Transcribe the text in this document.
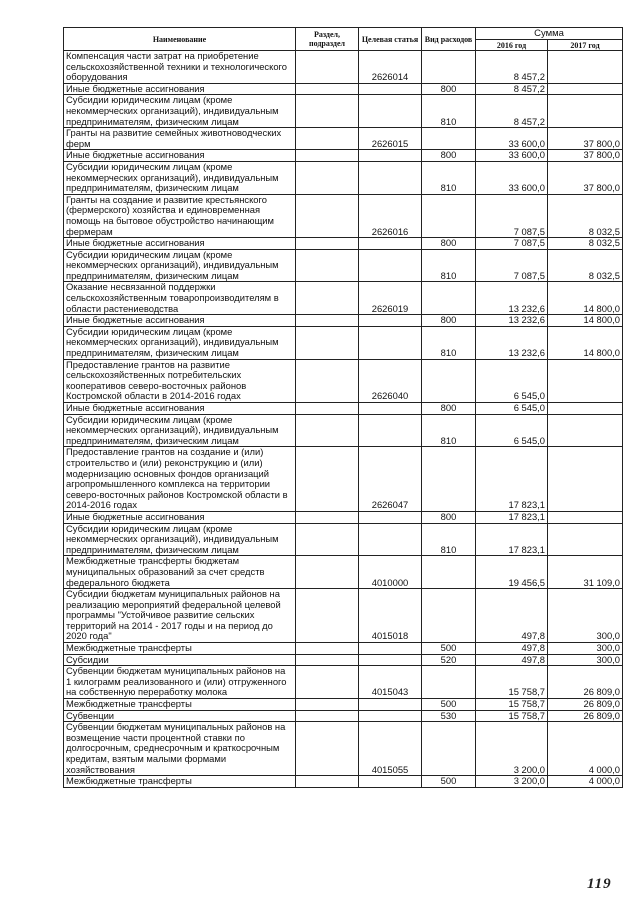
Наименование	Раздел, подраздел	Целевая статья	Вид расходов	Сумма	
				2016 год	2017 год
Компенсация части затрат на приобретение сельскохозяйственной техники и технологического оборудования		2626014		8 457,2	
Иные бюджетные ассигнования			800	8 457,2	
Субсидии юридическим лицам (кроме некоммерческих организаций), индивидуальным предпринимателям, физическим лицам			810	8 457,2	
Гранты на развитие семейных животноводческих ферм		2626015		33 600,0	37 800,0
Иные бюджетные ассигнования			800	33 600,0	37 800,0
Субсидии юридическим лицам (кроме некоммерческих организаций), индивидуальным предпринимателям, физическим лицам			810	33 600,0	37 800,0
Гранты на создание и развитие крестьянского (фермерского) хозяйства и единовременная помощь на бытовое обустройство начинающим фермерам		2626016		7 087,5	8 032,5
Иные бюджетные ассигнования			800	7 087,5	8 032,5
Субсидии юридическим лицам (кроме некоммерческих организаций), индивидуальным предпринимателям, физическим лицам			810	7 087,5	8 032,5
Оказание несвязанной поддержки сельскохозяйственным товаропроизводителям в области растениеводства		2626019		13 232,6	14 800,0
Иные бюджетные ассигнования			800	13 232,6	14 800,0
Субсидии юридическим лицам (кроме некоммерческих организаций), индивидуальным предпринимателям, физическим лицам			810	13 232,6	14 800,0
Предоставление грантов на развитие сельскохозяйственных потребительских кооперативов северо-восточных районов Костромской области в 2014-2016 годах		2626040		6 545,0	
Иные бюджетные ассигнования			800	6 545,0	
Субсидии юридическим лицам (кроме некоммерческих организаций), индивидуальным предпринимателям, физическим лицам			810	6 545,0	
Предоставление грантов на создание и (или) строительство и (или) реконструкцию и (или) модернизацию основных фондов организаций агропромышленного комплекса на территории северо-восточных районов Костромской области в 2014-2016 годах		2626047		17 823,1	
Иные бюджетные ассигнования			800	17 823,1	
Субсидии юридическим лицам (кроме некоммерческих организаций), индивидуальным предпринимателям, физическим лицам			810	17 823,1	
Межбюджетные трансферты бюджетам муниципальных образований за счет средств федерального бюджета		4010000		19 456,5	31 109,0
Субсидии бюджетам муниципальных районов на реализацию мероприятий федеральной целевой программы "Устойчивое развитие сельских территорий на 2014 - 2017 годы и на период до 2020 года"		4015018		497,8	300,0
Межбюджетные трансферты			500	497,8	300,0
Субсидии			520	497,8	300,0
Субвенции бюджетам муниципальных районов на 1 килограмм реализованного и (или) отгруженного на собственную переработку молока		4015043		15 758,7	26 809,0
Межбюджетные трансферты			500	15 758,7	26 809,0
Субвенции			530	15 758,7	26 809,0
Субвенции бюджетам муниципальных районов на возмещение части процентной ставки по долгосрочным, среднесрочным и краткосрочным кредитам, взятым малыми формами хозяйствования		4015055		3 200,0	4 000,0
Межбюджетные трансферты			500	3 200,0	4 000,0
119
